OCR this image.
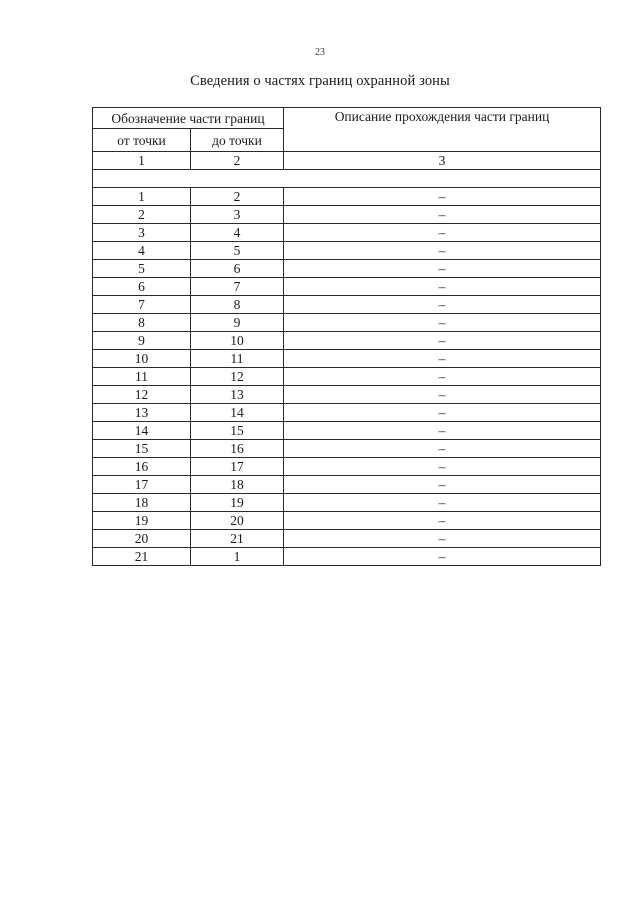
23
Сведения о частях границ охранной зоны
Обозначение части границ		Описание прохождения части границ
от точки	до точки	
1	2	3

1	2	–
2	3	–
3	4	–
4	5	–
5	6	–
6	7	–
7	8	–
8	9	–
9	10	–
10	11	–
11	12	–
12	13	–
13	14	–
14	15	–
15	16	–
16	17	–
17	18	–
18	19	–
19	20	–
20	21	–
21	1	–
